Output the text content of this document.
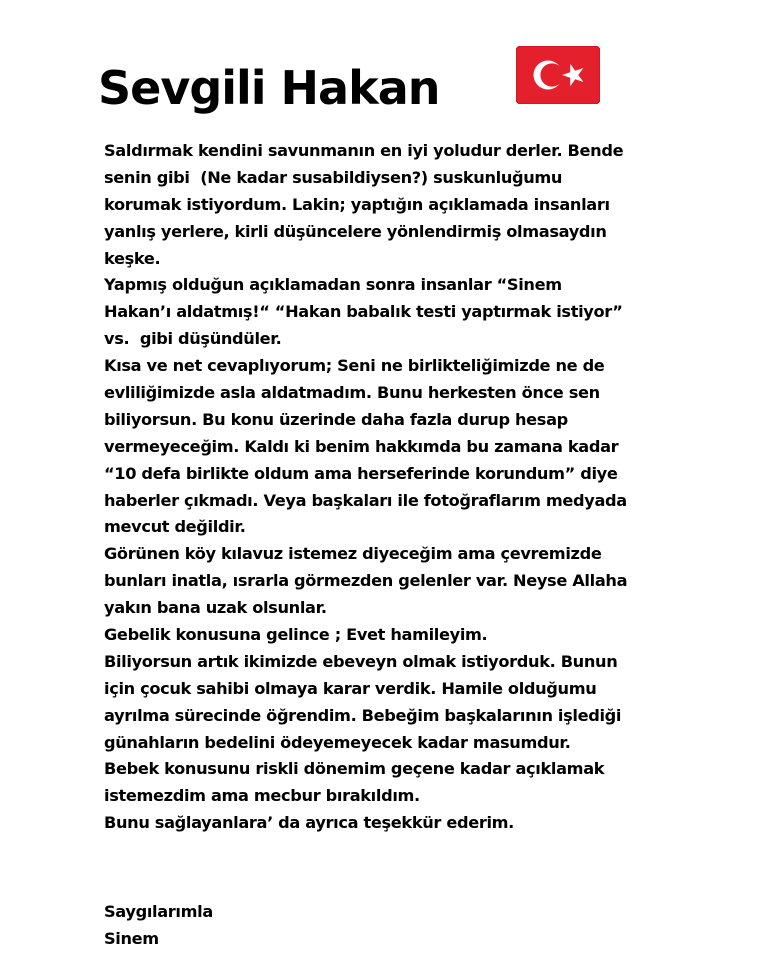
Sevgili Hakan
Saldırmak kendini savunmanın en iyi yoludur derler. Bende
senin gibi  (Ne kadar susabildiysen?) suskunluğumu
korumak istiyordum. Lakin; yaptığın açıklamada insanları
yanlış yerlere, kirli düşüncelere yönlendirmiş olmasaydın
keşke.
Yapmış olduğun açıklamadan sonra insanlar “Sinem
Hakan’ı aldatmış!“ “Hakan babalık testi yaptırmak istiyor”
vs.  gibi düşündüler.
Kısa ve net cevaplıyorum; Seni ne birlikteliğimizde ne de
evliliğimizde asla aldatmadım. Bunu herkesten önce sen
biliyorsun. Bu konu üzerinde daha fazla durup hesap
vermeyeceğim. Kaldı ki benim hakkımda bu zamana kadar
“10 defa birlikte oldum ama herseferinde korundum” diye
haberler çıkmadı. Veya başkaları ile fotoğraflarım medyada
mevcut değildir.
Görünen köy kılavuz istemez diyeceğim ama çevremizde
bunları inatla, ısrarla görmezden gelenler var. Neyse Allaha
yakın bana uzak olsunlar.
Gebelik konusuna gelince ; Evet hamileyim.
Biliyorsun artık ikimizde ebeveyn olmak istiyorduk. Bunun
için çocuk sahibi olmaya karar verdik. Hamile olduğumu
ayrılma sürecinde öğrendim. Bebeğim başkalarının işlediği
günahların bedelini ödeyemeyecek kadar masumdur.
Bebek konusunu riskli dönemim geçene kadar açıklamak
istemezdim ama mecbur bırakıldım.
Bunu sağlayanlara’ da ayrıca teşekkür ederim.
Saygılarımla
Sinem
